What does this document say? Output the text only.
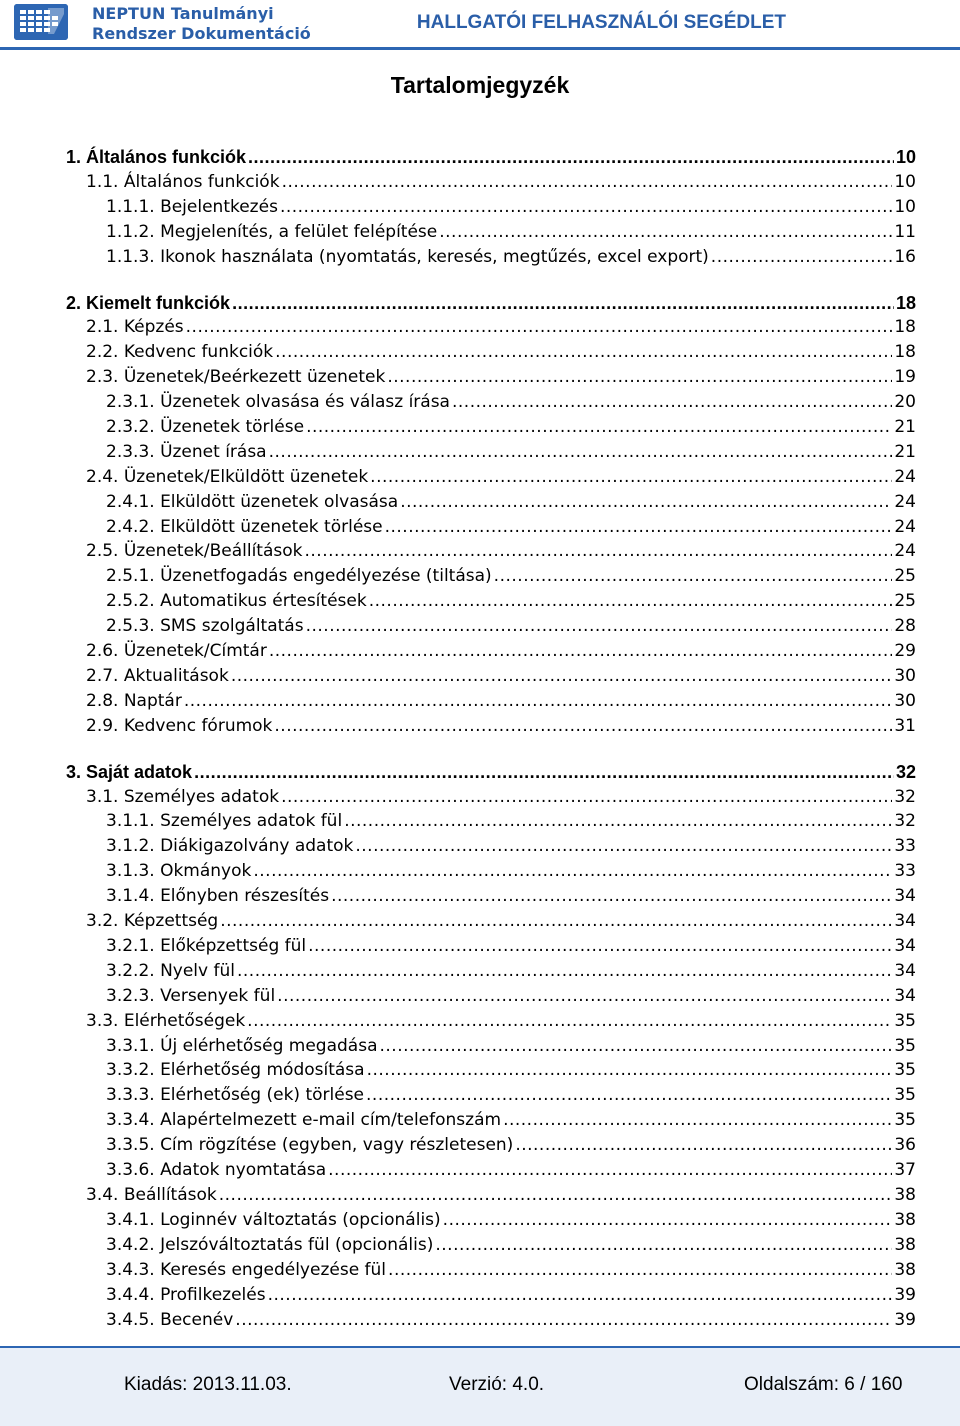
NEPTUN Tanulmányi
Rendszer Dokumentáció
HALLGATÓI FELHASZNÁLÓI SEGÉDLET
Tartalomjegyzék
1. Általános funkciók .....	10
1.1. Általános funkciók .....	10
1.1.1. Bejelentkezés .....	10
1.1.2. Megjelenítés, a felület felépítése .....	11
1.1.3. Ikonok használata (nyomtatás, keresés, megtűzés, excel export) .....	16
2. Kiemelt funkciók .....	18
2.1. Képzés .....	18
2.2. Kedvenc funkciók .....	18
2.3. Üzenetek/Beérkezett üzenetek .....	19
2.3.1. Üzenetek olvasása és válasz írása .....	20
2.3.2. Üzenetek törlése .....	21
2.3.3. Üzenet írása .....	21
2.4. Üzenetek/Elküldött üzenetek .....	24
2.4.1. Elküldött üzenetek olvasása .....	24
2.4.2. Elküldött üzenetek törlése .....	24
2.5. Üzenetek/Beállítások .....	24
2.5.1. Üzenetfogadás engedélyezése (tiltása) .....	25
2.5.2. Automatikus értesítések .....	25
2.5.3. SMS szolgáltatás .....	28
2.6. Üzenetek/Címtár .....	29
2.7. Aktualitások .....	30
2.8. Naptár .....	30
2.9. Kedvenc fórumok .....	31
3. Saját adatok .....	32
3.1. Személyes adatok .....	32
3.1.1. Személyes adatok fül .....	32
3.1.2. Diákigazolvány adatok .....	33
3.1.3. Okmányok .....	33
3.1.4. Előnyben részesítés .....	34
3.2. Képzettség .....	34
3.2.1. Előképzettség fül .....	34
3.2.2. Nyelv fül .....	34
3.2.3. Versenyek fül .....	34
3.3. Elérhetőségek .....	35
3.3.1. Új elérhetőség megadása .....	35
3.3.2. Elérhetőség módosítása .....	35
3.3.3. Elérhetőség (ek) törlése .....	35
3.3.4. Alapértelmezett e-mail cím/telefonszám .....	35
3.3.5. Cím rögzítése (egyben, vagy részletesen) .....	36
3.3.6. Adatok nyomtatása .....	37
3.4. Beállítások .....	38
3.4.1. Loginnév változtatás (opcionális) .....	38
3.4.2. Jelszóváltoztatás fül (opcionális) .....	38
3.4.3. Keresés engedélyezése fül .....	38
3.4.4. Profilkezelés .....	39
3.4.5. Becenév .....	39
Kiadás: 2013.11.03.	Verzió: 4.0.	Oldalszám: 6 / 160
